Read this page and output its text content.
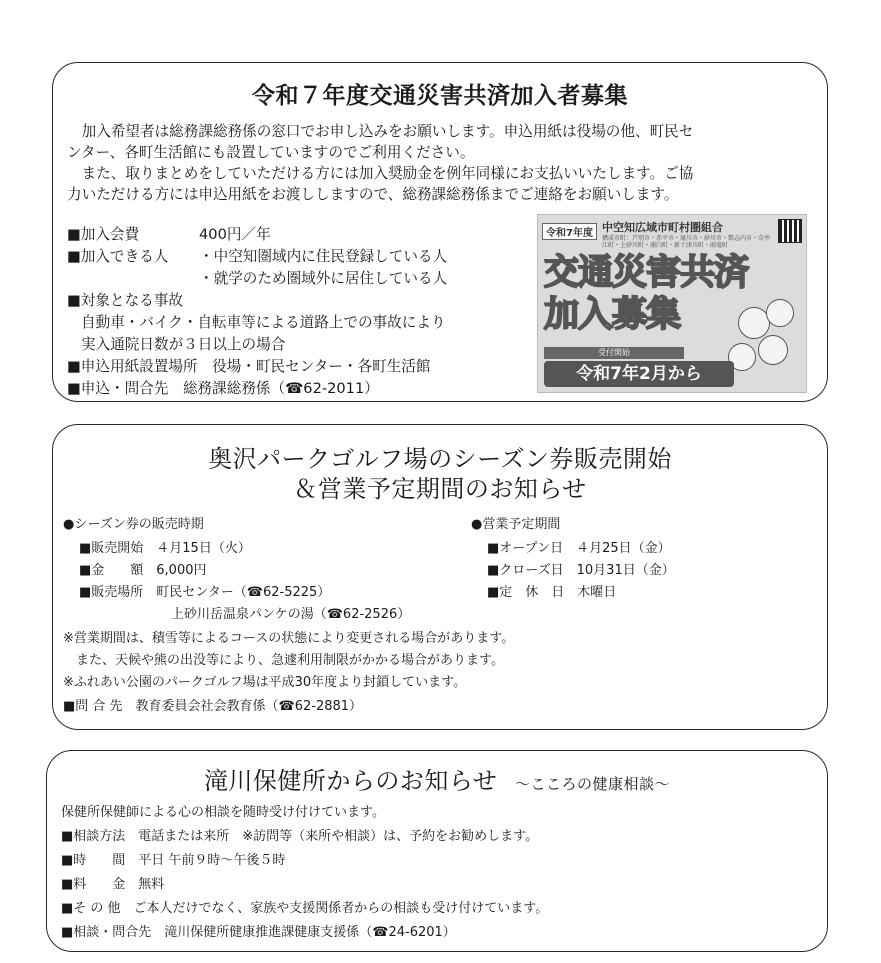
令和７年度交通災害共済加入者募集
　加入希望者は総務課総務係の窓口でお申し込みをお願いします。申込用紙は役場の他、町民セ
ンター、各町生活館にも設置していますのでご利用ください。
　また、取りまとめをしていただける方には加入奨励金を例年同様にお支払いいたします。ご協
力いただける方には申込用紙をお渡ししますので、総務課総務係までご連絡をお願いします。
■加入会費	400円／年
■加入できる人 ・中空知圏域内に住民登録している人
・就学のため圏域外に居住している人
■対象となる事故
自動車・バイク・自転車等による道路上での事故により
実入通院日数が３日以上の場合
■申込用紙設置場所　役場・町民センター・各町生活館
■申込・問合先　総務課総務係（☎62-2011）
令和7年度 中空知広域市町村圏組合
構成市町：芦別市・赤平市・滝川市・砂川市・歌志内市・奈井江町・上砂川町・浦臼町・新十津川町・雨竜町
交通災害共済
加入募集
受付開始
令和7年2月から
奥沢パークゴルフ場のシーズン券販売開始
＆営業予定期間のお知らせ
●シーズン券の販売時期
■販売開始　４月15日（火）
■金　　額　6,000円
■販売場所　町民センター（☎62-5225）
上砂川岳温泉パンケの湯（☎62-2526）
●営業予定期間
■オープン日　４月25日（金）
■クローズ日　10月31日（金）
■定　休　日　木曜日
※営業期間は、積雪等によるコースの状態により変更される場合があります。
　また、天候や熊の出没等により、急遽利用制限がかかる場合があります。
※ふれあい公園のパークゴルフ場は平成30年度より封鎖しています。
■問 合 先　教育委員会社会教育係（☎62-2881）
滝川保健所からのお知らせ ～こころの健康相談～
保健所保健師による心の相談を随時受け付けています。
■相談方法　電話または来所　※訪問等（来所や相談）は、予約をお勧めします。
■時　　間　平日 午前９時～午後５時
■料　　金　無料
■そ の 他　ご本人だけでなく、家族や支援関係者からの相談も受け付けています。
■相談・問合先　滝川保健所健康推進課健康支援係（☎24-6201）
